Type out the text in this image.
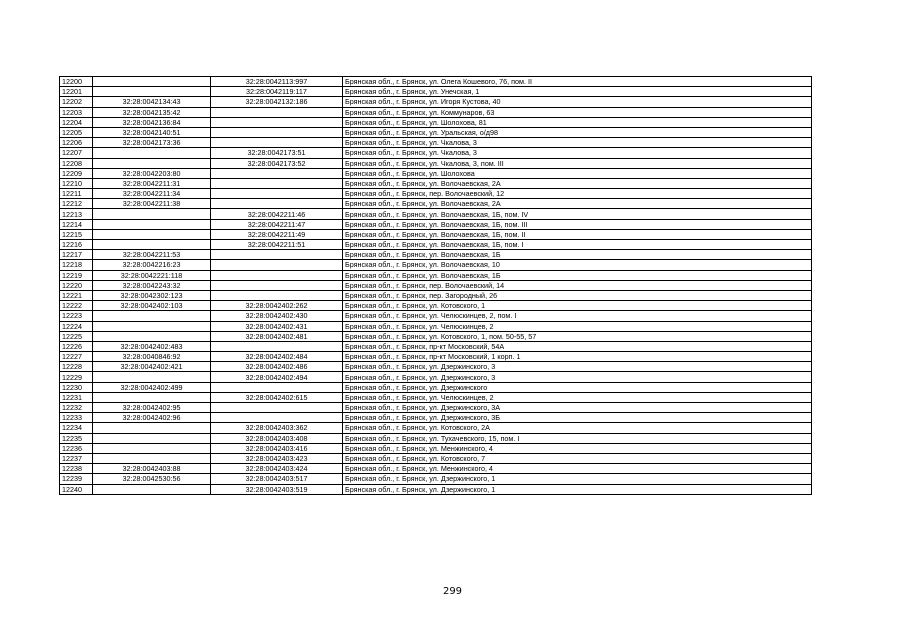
12200		32:28:0042113:997	Брянская обл., г. Брянск, ул. Олега Кошевого, 76, пом. II
12201		32:28:0042119:117	Брянская обл., г. Брянск, ул. Унечская, 1
12202	32:28:0042134:43	32:28:0042132:186	Брянская обл., г. Брянск, ул. Игоря Кустова, 40
12203	32:28:0042135:42		Брянская обл., г. Брянск, ул. Коммунаров, 63
12204	32:28:0042136:84		Брянская обл., г. Брянск, ул. Шолохова, 81
12205	32:28:0042140:51		Брянская обл., г. Брянск, ул. Уральская, о/д98
12206	32:28:0042173:36		Брянская обл., г. Брянск, ул. Чкалова, 3
12207		32:28:0042173:51	Брянская обл., г. Брянск, ул. Чкалова, 3
12208		32:28:0042173:52	Брянская обл., г. Брянск, ул. Чкалова, 3, пом. III
12209	32:28:0042203:80		Брянская обл., г. Брянск, ул. Шолохова
12210	32:28:0042211:31		Брянская обл., г. Брянск, ул. Волочаевская, 2А
12211	32:28:0042211:34		Брянская обл., г. Брянск, пер. Волочаевский, 12
12212	32:28:0042211:38		Брянская обл., г. Брянск, ул. Волочаевская, 2А
12213		32:28:0042211:46	Брянская обл., г. Брянск, ул. Волочаевская, 1Б, пом. IV
12214		32:28:0042211:47	Брянская обл., г. Брянск, ул. Волочаевская, 1Б, пом. III
12215		32:28:0042211:49	Брянская обл., г. Брянск, ул. Волочаевская, 1Б, пом. II
12216		32:28:0042211:51	Брянская обл., г. Брянск, ул. Волочаевская, 1Б, пом. I
12217	32:28:0042211:53		Брянская обл., г. Брянск, ул. Волочаевская, 1Б
12218	32:28:0042216:23		Брянская обл., г. Брянск, ул. Волочаевская, 10
12219	32:28:0042221:118		Брянская обл., г. Брянск, ул. Волочаевская, 1Б
12220	32:28:0042243:32		Брянская обл., г. Брянск, пер. Волочаевский, 14
12221	32:28:0042302:123		Брянская обл., г. Брянск, пер. Загородный, 26
12222	32:28:0042402:103	32:28:0042402:262	Брянская обл., г. Брянск, ул. Котовского, 1
12223		32:28:0042402:430	Брянская обл., г. Брянск, ул. Челюскинцев, 2, пом. I
12224		32:28:0042402:431	Брянская обл., г. Брянск, ул. Челюскинцев, 2
12225		32:28:0042402:481	Брянская обл., г. Брянск, ул. Котовского, 1, пом. 50-55, 57
12226	32:28:0042402:483		Брянская обл., г. Брянск, пр-кт Московский, 54А
12227	32:28:0040846:92	32:28:0042402:484	Брянская обл., г. Брянск, пр-кт Московский, 1 корп. 1
12228	32:28:0042402:421	32:28:0042402:486	Брянская обл., г. Брянск, ул. Дзержинского, 3
12229		32:28:0042402:494	Брянская обл., г. Брянск, ул. Дзержинского, 3
12230	32:28:0042402:499		Брянская обл., г. Брянск, ул. Дзержинского
12231		32:28:0042402:615	Брянская обл., г. Брянск, ул. Челюскинцев, 2
12232	32:28:0042402:95		Брянская обл., г. Брянск, ул. Дзержинского, 3А
12233	32:28:0042402:96		Брянская обл., г. Брянск, ул. Дзержинского, 3Б
12234		32:28:0042403:362	Брянская обл., г. Брянск, ул. Котовского, 2А
12235		32:28:0042403:408	Брянская обл., г. Брянск, ул. Тухачевского, 15, пом. I
12236		32:28:0042403:416	Брянская обл., г. Брянск, ул. Менжинского, 4
12237		32:28:0042403:423	Брянская обл., г. Брянск, ул. Котовского, 7
12238	32:28:0042403:88	32:28:0042403:424	Брянская обл., г. Брянск, ул. Менжинского, 4
12239	32:28:0042530:56	32:28:0042403:517	Брянская обл., г. Брянск, ул. Дзержинского, 1
12240		32:28:0042403:519	Брянская обл., г. Брянск, ул. Дзержинского, 1
299
